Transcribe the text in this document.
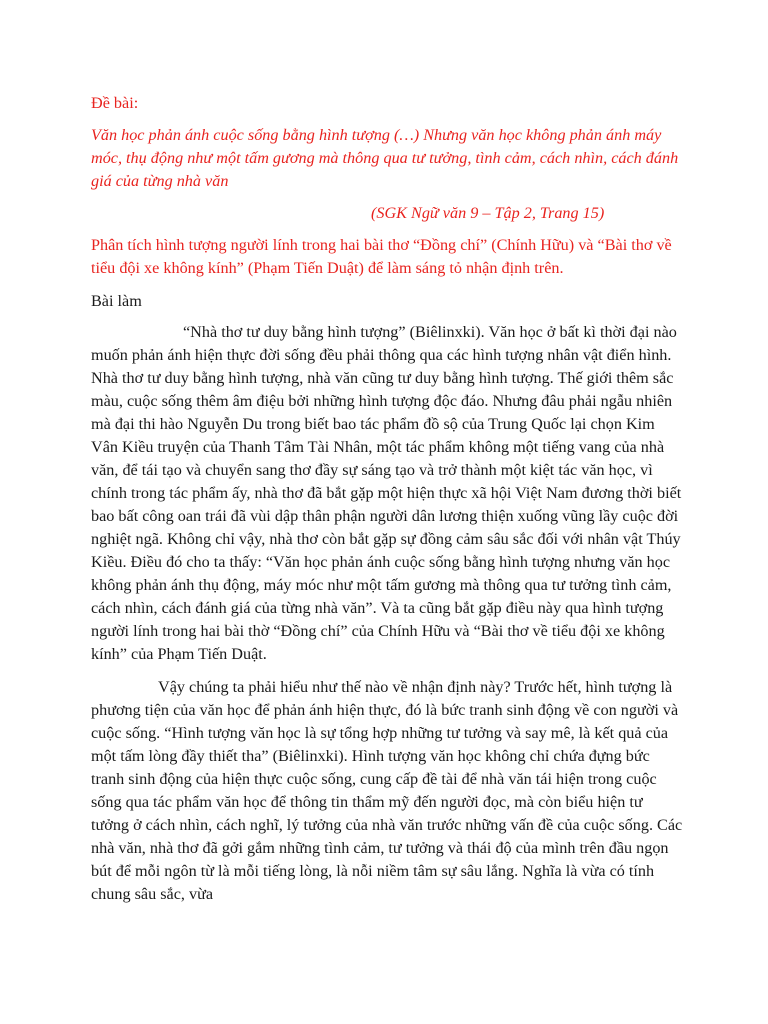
Đề bài:

Văn học phản ánh cuộc sống bằng hình tượng (…) Nhưng văn học không phản ánh máy móc, thụ động như một tấm gương mà thông qua tư tưởng, tình cảm, cách nhìn, cách đánh giá của từng nhà văn

(SGK Ngữ văn 9 – Tập 2, Trang 15)

Phân tích hình tượng người lính trong hai bài thơ “Đồng chí” (Chính Hữu) và “Bài thơ về tiểu đội xe không kính” (Phạm Tiến Duật) để làm sáng tỏ nhận định trên.

Bài làm

“Nhà thơ tư duy bằng hình tượng” (Biêlinxki). Văn học ở bất kì thời đại nào muốn phản ánh hiện thực đời sống đều phải thông qua các hình tượng nhân vật điển hình. Nhà thơ tư duy bằng hình tượng, nhà văn cũng tư duy bằng hình tượng. Thế giới thêm sắc màu, cuộc sống thêm âm điệu bởi những hình tượng độc đáo. Nhưng đâu phải ngẫu nhiên mà đại thi hào Nguyễn Du trong biết bao tác phẩm đồ sộ của Trung Quốc lại chọn Kim Vân Kiều truyện của Thanh Tâm Tài Nhân, một tác phẩm không một tiếng vang của nhà văn, để tái tạo và chuyển sang thơ đầy sự sáng tạo và trở thành một kiệt tác văn học, vì chính trong tác phẩm ấy, nhà thơ đã bắt gặp một hiện thực xã hội Việt Nam đương thời biết bao bất công oan trái đã vùi dập thân phận người dân lương thiện xuống vũng lầy cuộc đời nghiệt ngã. Không chỉ vậy, nhà thơ còn bắt gặp sự đồng cảm sâu sắc đối với nhân vật Thúy Kiều. Điều đó cho ta thấy: “Văn học phản ánh cuộc sống bằng hình tượng nhưng văn học không phản ánh thụ động, máy móc như một tấm gương mà thông qua tư tưởng tình cảm, cách nhìn, cách đánh giá của từng nhà văn”. Và ta cũng bắt gặp điều này qua hình tượng người lính trong hai bài thờ “Đồng chí” của Chính Hữu và “Bài thơ về tiểu đội xe không kính” của Phạm Tiến Duật.

Vậy chúng ta phải hiểu như thế nào về nhận định này? Trước hết, hình tượng là phương tiện của văn học để phản ánh hiện thực, đó là bức tranh sinh động về con người và cuộc sống. “Hình tượng văn học là sự tổng hợp những tư tưởng và say mê, là kết quả của một tấm lòng đầy thiết tha” (Biêlinxki). Hình tượng văn học không chỉ chứa đựng bức tranh sinh động của hiện thực cuộc sống, cung cấp đề tài để nhà văn tái hiện trong cuộc sống qua tác phẩm văn học để thông tin thẩm mỹ đến người đọc, mà còn biểu hiện tư tưởng ở cách nhìn, cách nghĩ, lý tưởng của nhà văn trước những vấn đề của cuộc sống. Các nhà văn, nhà thơ đã gởi gắm những tình cảm, tư tưởng và thái độ của mình trên đầu ngọn bút để mỗi ngôn từ là mỗi tiếng lòng, là nỗi niềm tâm sự sâu lắng. Nghĩa là vừa có tính chung sâu sắc, vừa
